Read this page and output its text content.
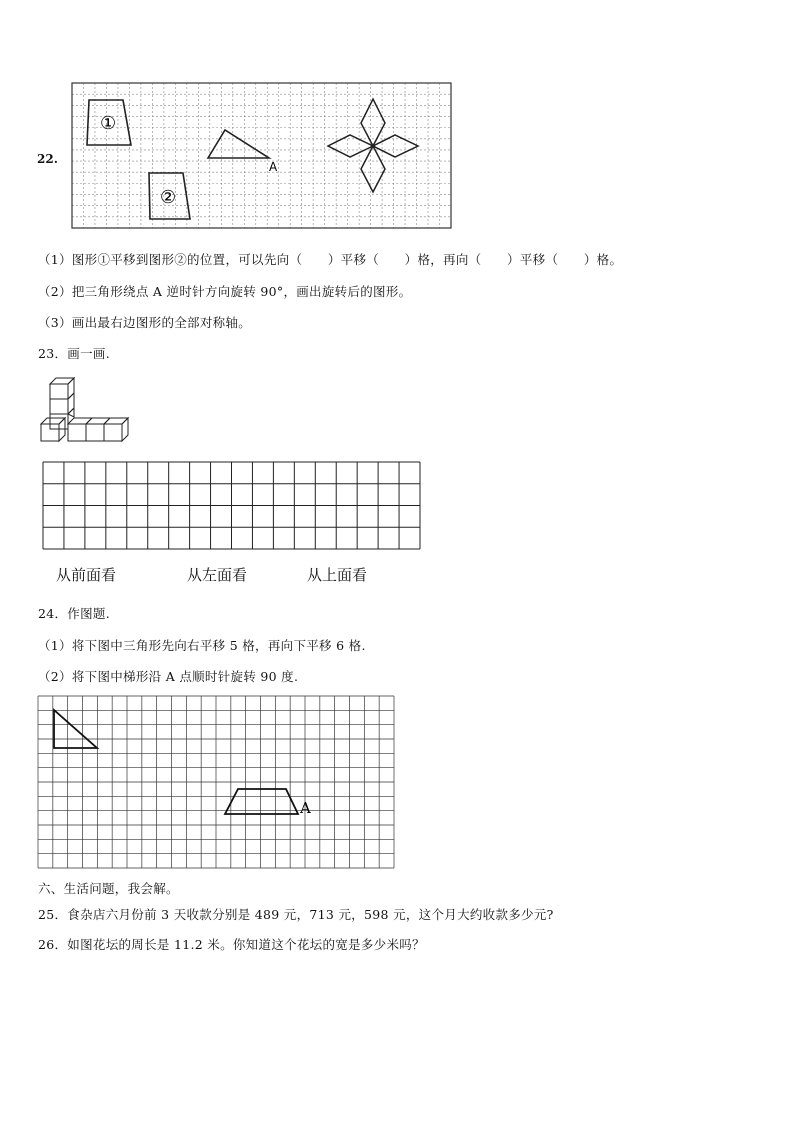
22.
①
②
A
（1）图形①平移到图形②的位置，可以先向（　　）平移（　　）格，再向（　　）平移（　　）格。
（2）把三角形绕点 A 逆时针方向旋转 90°，画出旋转后的图形。
（3）画出最右边图形的全部对称轴。
23．画一画.
从前面看	从左面看	从上面看
24．作图题.
（1）将下图中三角形先向右平移 5 格，再向下平移 6 格.
（2）将下图中梯形沿 A 点顺时针旋转 90 度.
A
六、生活问题，我会解。
25．食杂店六月份前 3 天收款分别是 489 元，713 元，598 元，这个月大约收款多少元?
26．如图花坛的周长是 11.2 米。你知道这个花坛的宽是多少米吗？
